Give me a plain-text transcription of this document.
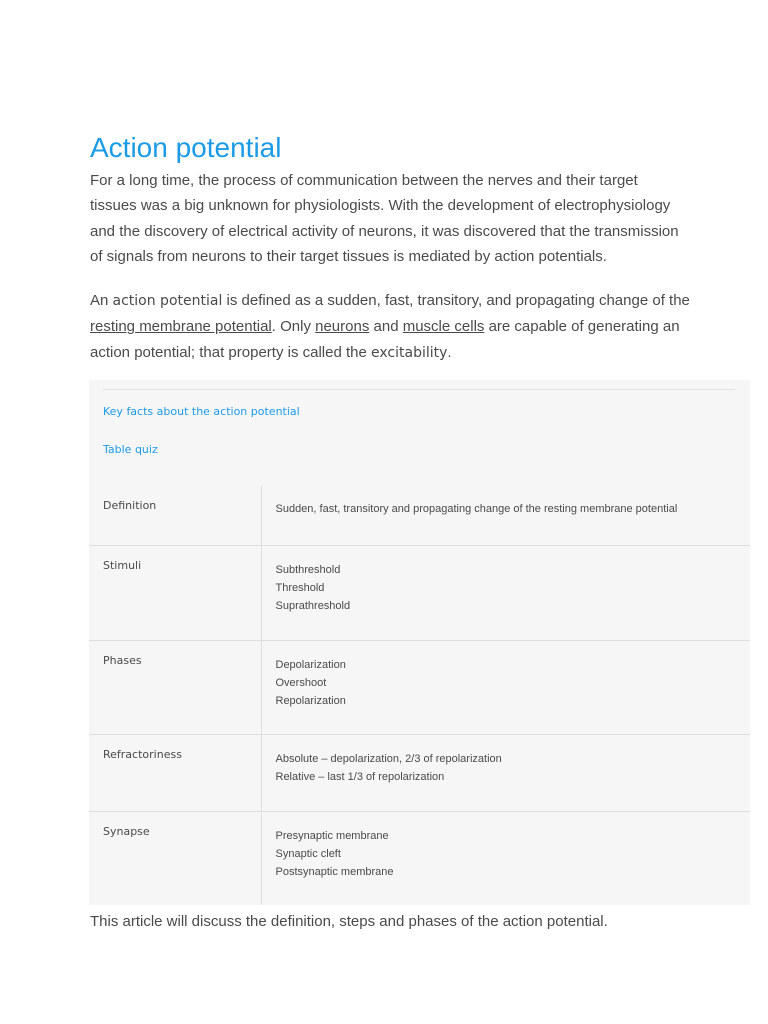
Action potential

For a long time, the process of communication between the nerves and their target tissues was a big unknown for physiologists. With the development of electrophysiology and the discovery of electrical activity of neurons, it was discovered that the transmission of signals from neurons to their target tissues is mediated by action potentials.

An action potential is defined as a sudden, fast, transitory, and propagating change of the resting membrane potential. Only neurons and muscle cells are capable of generating an action potential; that property is called the excitability.

Key facts about the action potential
Table quiz
Definition	Sudden, fast, transitory and propagating change of the resting membrane potential

Stimuli	Subthreshold
Threshold
Suprathreshold

Phases	Depolarization
Overshoot
Repolarization

Refractoriness	Absolute – depolarization, 2/3 of repolarization
Relative – last 1/3 of repolarization

Synapse	Presynaptic membrane
Synaptic cleft
Postsynaptic membrane

This article will discuss the definition, steps and phases of the action potential.
